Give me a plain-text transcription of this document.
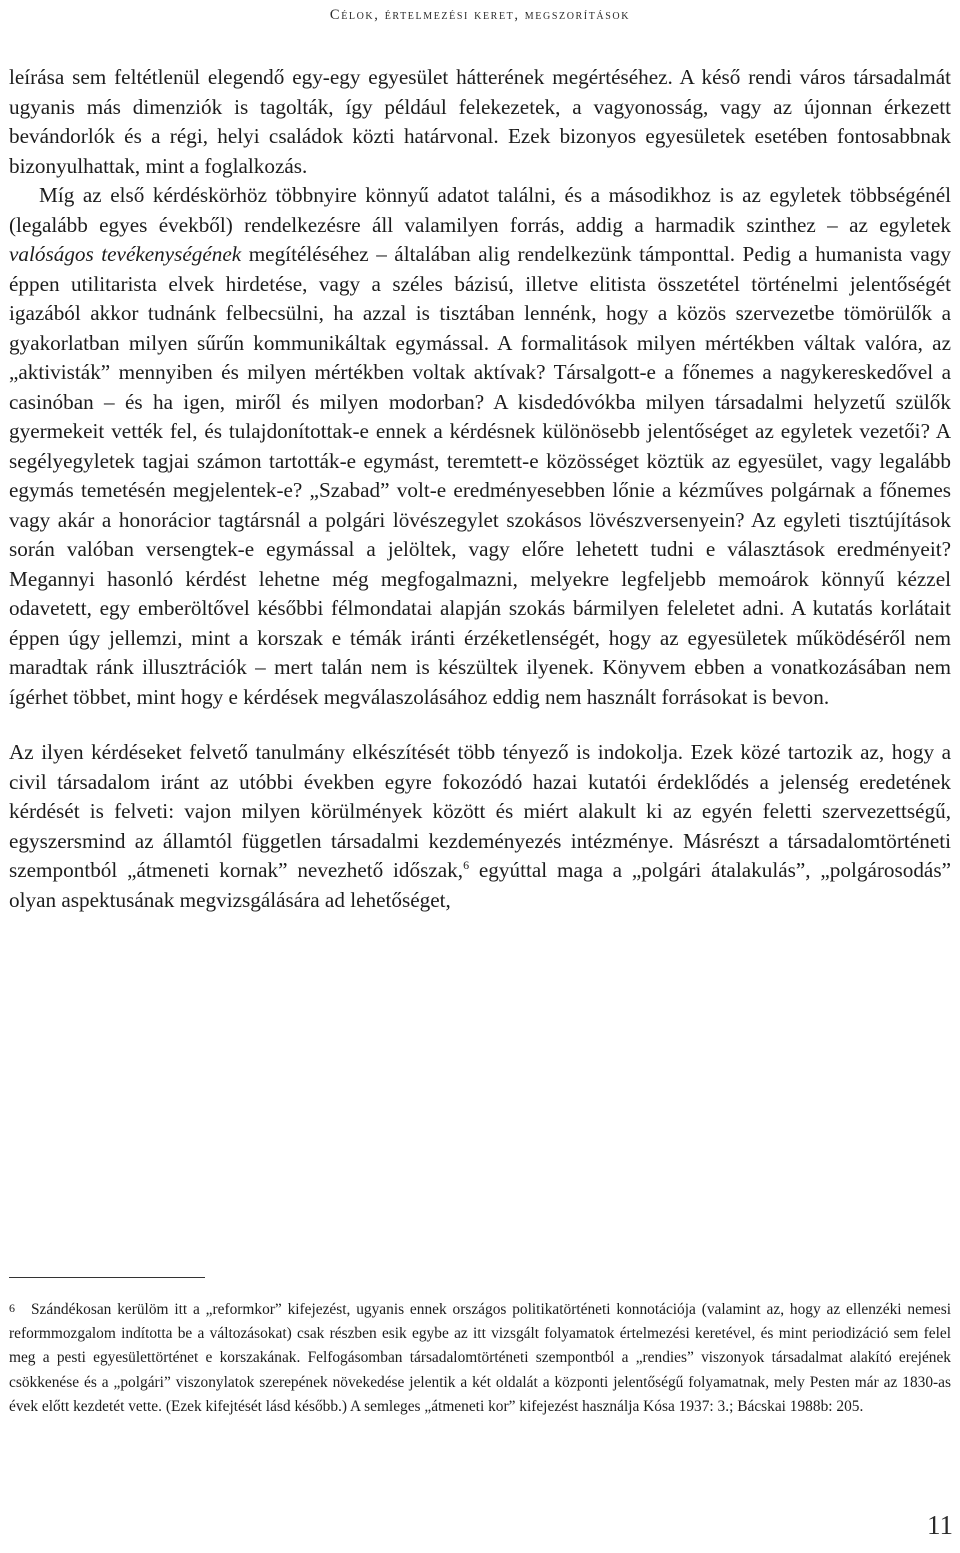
Célok, értelmezési keret, megszorítások

leírása sem feltétlenül elegendő egy-egy egyesület hátterének megértéséhez. A késő rendi város társadalmát ugyanis más dimenziók is tagolták, így például felekezetek, a vagyonosság, vagy az újonnan érkezett bevándorlók és a régi, helyi családok közti határvonal. Ezek bizonyos egyesületek esetében fontosabbnak bizonyulhattak, mint a foglalkozás.

Míg az első kérdéskörhöz többnyire könnyű adatot találni, és a másodikhoz is az egyletek többségénél (legalább egyes évekből) rendelkezésre áll valamilyen forrás, addig a harmadik szinthez – az egyletek valóságos tevékenységének megítéléséhez – általában alig rendelkezünk támponttal. Pedig a humanista vagy éppen utilitarista elvek hirdetése, vagy a széles bázisú, illetve elitista összetétel történelmi jelentőségét igazából akkor tudnánk felbecsülni, ha azzal is tisztában lennénk, hogy a közös szervezetbe tömörülők a gyakorlatban milyen sűrűn kommunikáltak egymással. A formalitások milyen mértékben váltak valóra, az „aktivisták” mennyiben és milyen mértékben voltak aktívak? Társalgott-e a főnemes a nagykereskedővel a casinóban – és ha igen, miről és milyen modorban? A kisdedóvókba milyen társadalmi helyzetű szülők gyermekeit vették fel, és tulajdonítottak-e ennek a kérdésnek különösebb jelentőséget az egyletek vezetői? A segélyegyletek tagjai számon tartották-e egymást, teremtett-e közösséget köztük az egyesület, vagy legalább egymás temetésén megjelentek-e? „Szabad” volt-e eredményesebben lőnie a kézműves polgárnak a főnemes vagy akár a honorácior tagtársnál a polgári lövészegylet szokásos lövészversenyein? Az egyleti tisztújítások során valóban versengtek-e egymással a jelöltek, vagy előre lehetett tudni e választások eredményeit? Megannyi hasonló kérdést lehetne még megfogalmazni, melyekre legfeljebb memoárok könnyű kézzel odavetett, egy emberöltővel későbbi félmondatai alapján szokás bármilyen feleletet adni. A kutatás korlátait éppen úgy jellemzi, mint a korszak e témák iránti érzéketlenségét, hogy az egyesületek működéséről nem maradtak ránk illusztrációk – mert talán nem is készültek ilyenek. Könyvem ebben a vonatkozásában nem ígérhet többet, mint hogy e kérdések megválaszolásához eddig nem használt forrásokat is bevon.

Az ilyen kérdéseket felvető tanulmány elkészítését több tényező is indokolja. Ezek közé tartozik az, hogy a civil társadalom iránt az utóbbi években egyre fokozódó hazai kutatói érdeklődés a jelenség eredetének kérdését is felveti: vajon milyen körülmények között és miért alakult ki az egyén feletti szervezettségű, egyszersmind az államtól független társadalmi kezdeményezés intézménye. Másrészt a társadalomtörténeti szempontból „átmeneti kornak” nevezhető időszak,$^6$ egyúttal maga a „polgári átalakulás”, „polgárosodás” olyan aspektusának megvizsgálására ad lehetőséget,

6 Szándékosan kerülöm itt a „reformkor” kifejezést, ugyanis ennek országos politikatörténeti konnotációja (valamint az, hogy az ellenzéki nemesi reformmozgalom indította be a változásokat) csak részben esik egybe az itt vizsgált folyamatok értelmezési keretével, és mint periodizáció sem felel meg a pesti egyesülettörténet e korszakának. Felfogásomban társadalomtörténeti szempontból a „rendies” viszonyok társadalmat alakító erejének csökkenése és a „polgári” viszonylatok szerepének növekedése jelentik a két oldalát a központi jelentőségű folyamatnak, mely Pesten már az 1830-as évek előtt kezdetét vette. (Ezek kifejtését lásd később.) A semleges „átmeneti kor” kifejezést használja Kósa 1937: 3.; Bácskai 1988b: 205.

11
